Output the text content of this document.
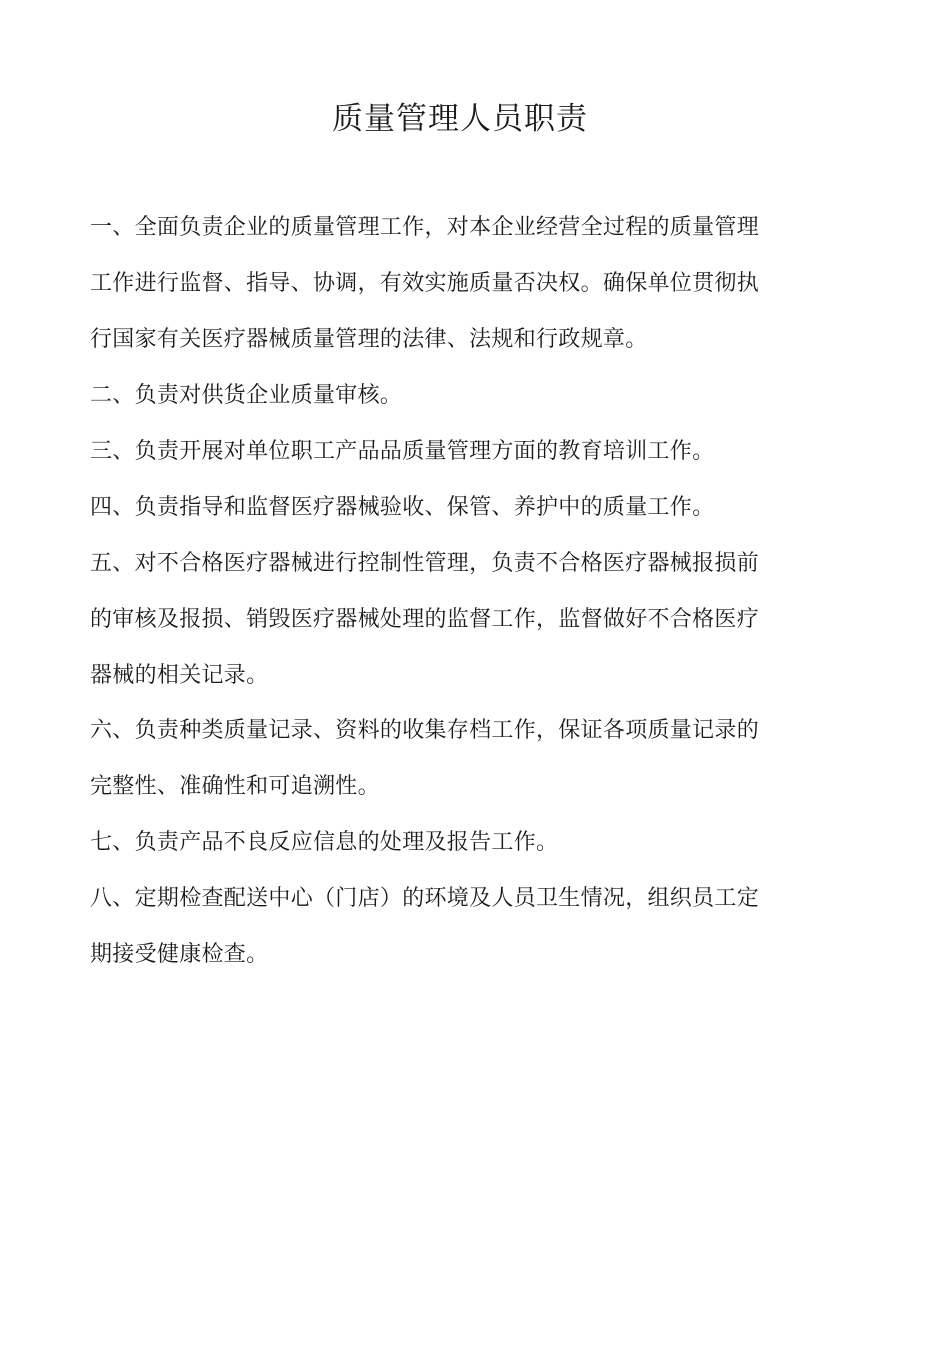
质量管理人员职责
一、全面负责企业的质量管理工作，对本企业经营全过程的质量管理
工作进行监督、指导、协调，有效实施质量否决权。确保单位贯彻执
行国家有关医疗器械质量管理的法律、法规和行政规章。
二、负责对供货企业质量审核。
三、负责开展对单位职工产品品质量管理方面的教育培训工作。
四、负责指导和监督医疗器械验收、保管、养护中的质量工作。
五、对不合格医疗器械进行控制性管理，负责不合格医疗器械报损前
的审核及报损、销毁医疗器械处理的监督工作，监督做好不合格医疗
器械的相关记录。
六、负责种类质量记录、资料的收集存档工作，保证各项质量记录的
完整性、准确性和可追溯性。
七、负责产品不良反应信息的处理及报告工作。
八、定期检查配送中心（门店）的环境及人员卫生情况，组织员工定
期接受健康检查。
